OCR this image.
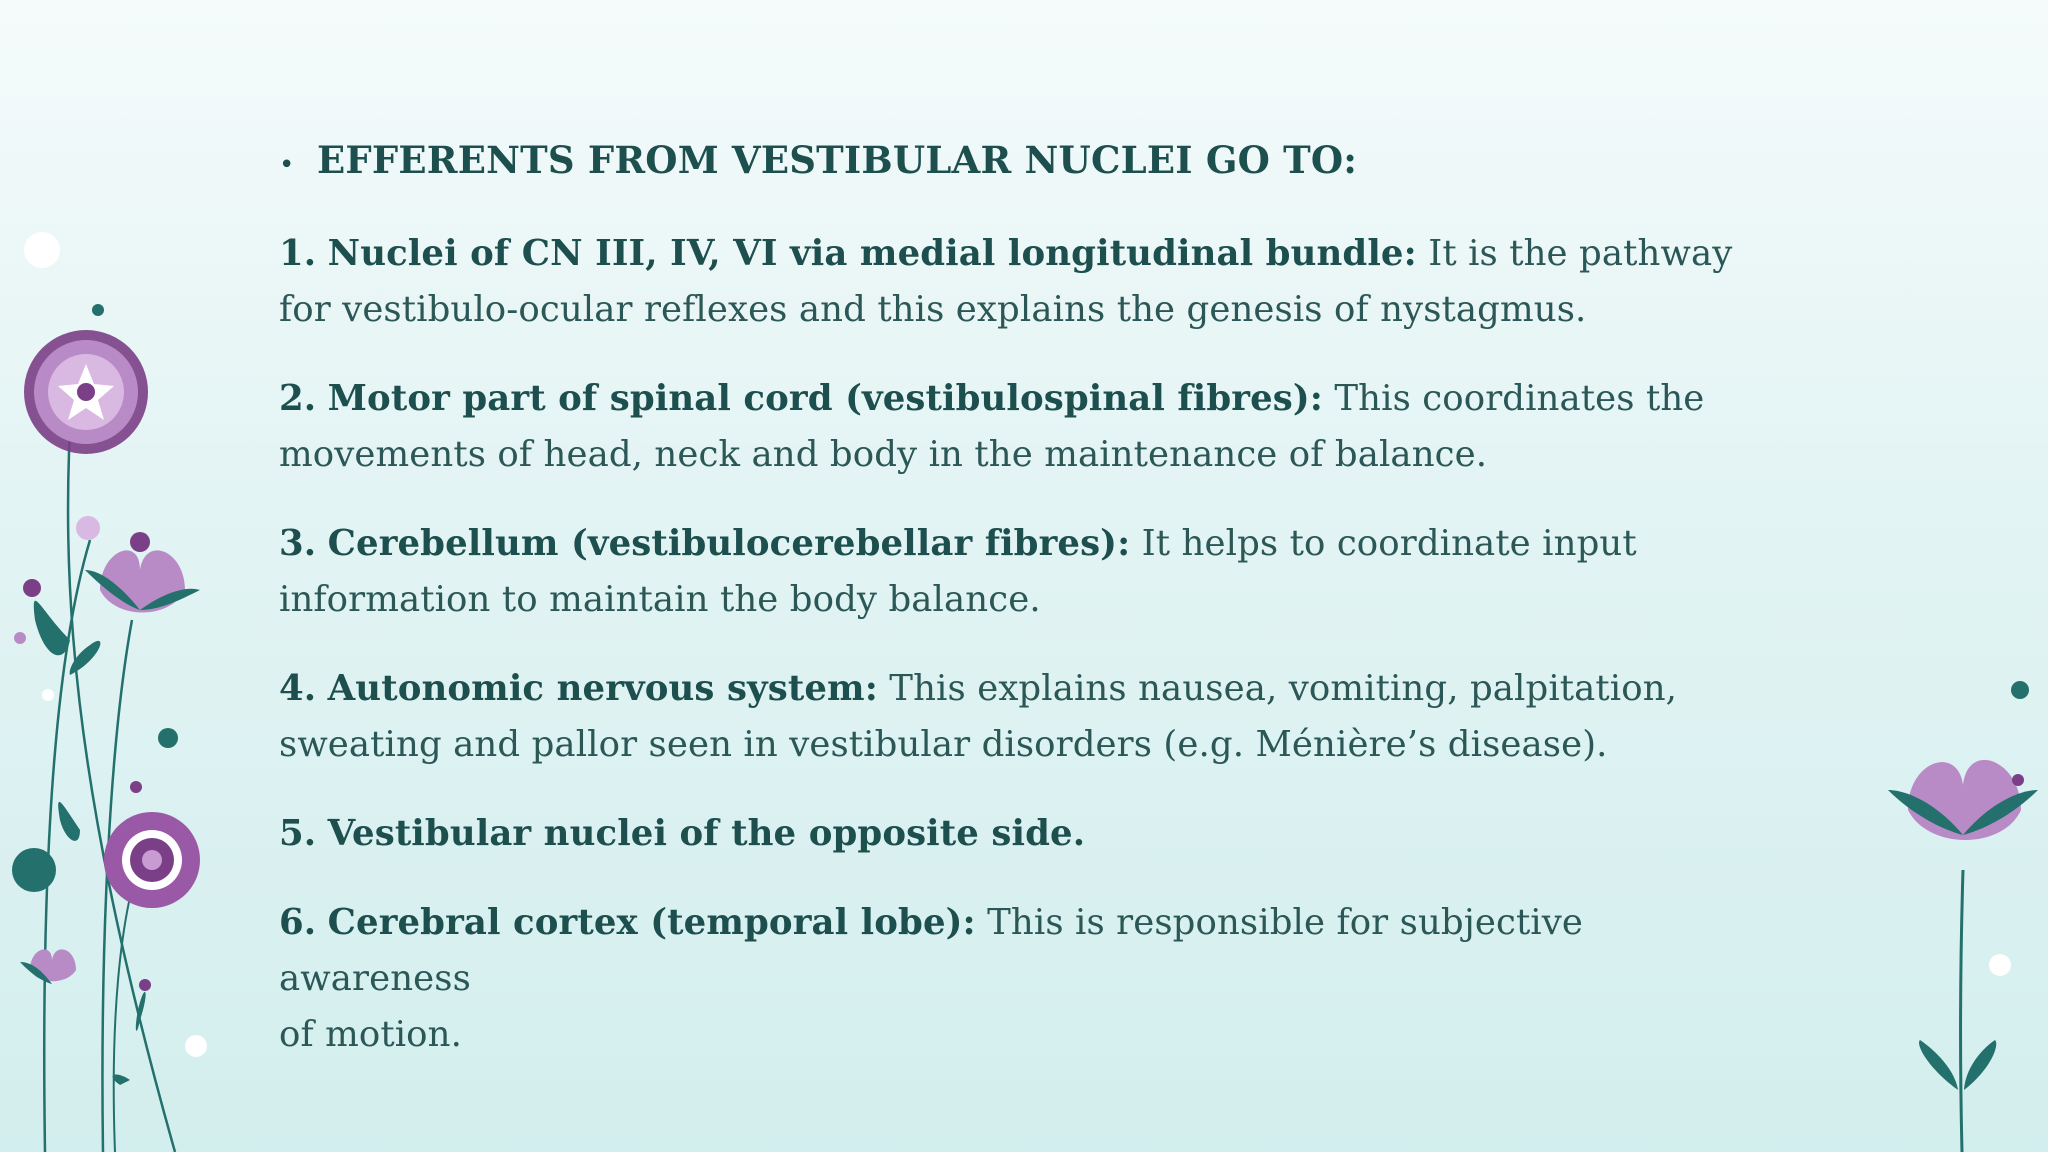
• EFFERENTS FROM VESTIBULAR NUCLEI GO TO:

1. Nuclei of CN III, IV, VI via medial longitudinal bundle: It is the pathway
for vestibulo-ocular reflexes and this explains the genesis of nystagmus.

2. Motor part of spinal cord (vestibulospinal fibres): This coordinates the
movements of head, neck and body in the maintenance of balance.

3. Cerebellum (vestibulocerebellar fibres): It helps to coordinate input
information to maintain the body balance.

4. Autonomic nervous system: This explains nausea, vomiting, palpitation,
sweating and pallor seen in vestibular disorders (e.g. Ménière’s disease).

5. Vestibular nuclei of the opposite side.

6. Cerebral cortex (temporal lobe): This is responsible for subjective awareness
of motion.
